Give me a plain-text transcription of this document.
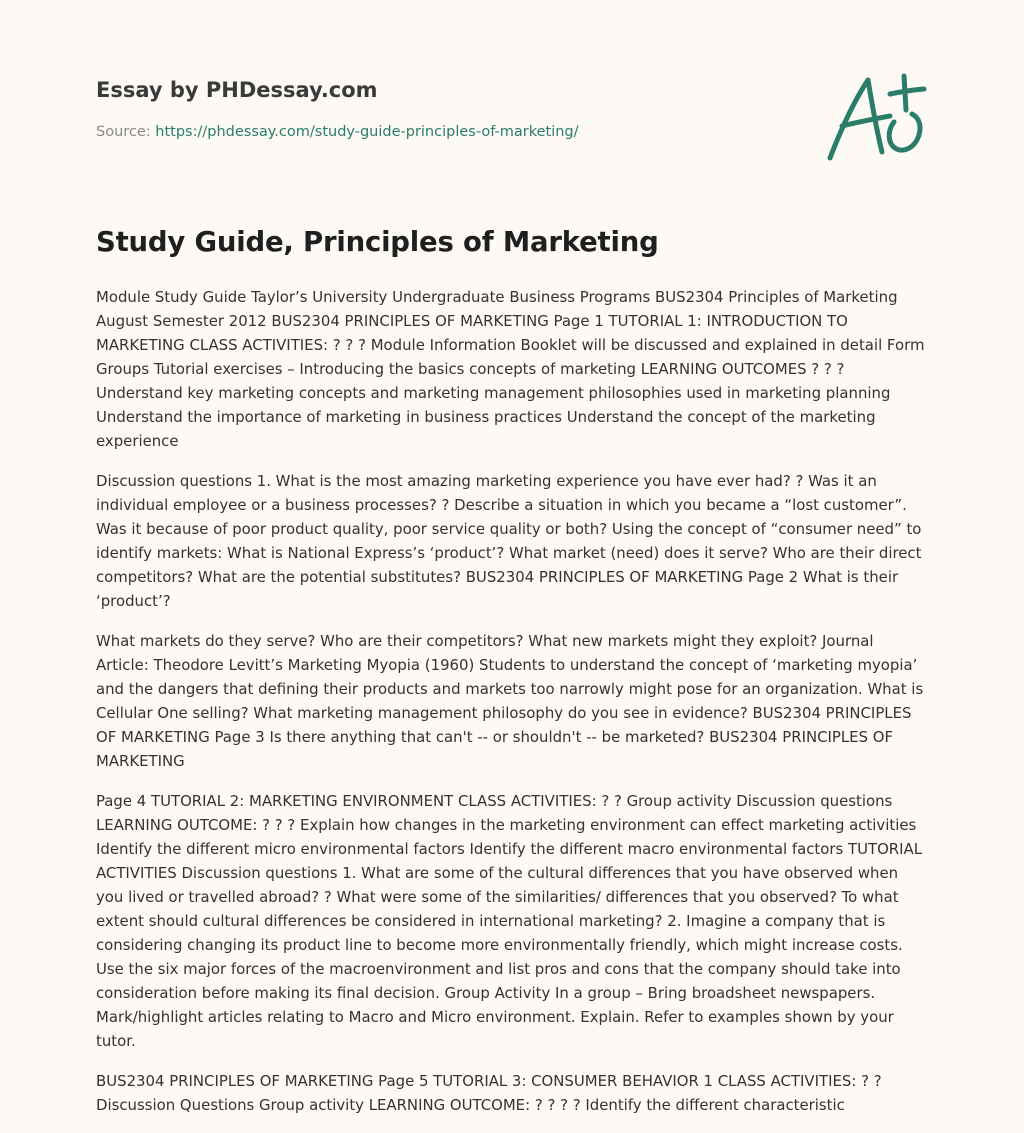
Essay by PHDessay.com

Source: https://phdessay.com/study-guide-principles-of-marketing/

Study Guide, Principles of Marketing

Module Study Guide Taylor’s University Undergraduate Business Programs BUS2304 Principles of Marketing August Semester 2012 BUS2304 PRINCIPLES OF MARKETING Page 1 TUTORIAL 1: INTRODUCTION TO MARKETING CLASS ACTIVITIES: ? ? ? Module Information Booklet will be discussed and explained in detail Form Groups Tutorial exercises – Introducing the basics concepts of marketing LEARNING OUTCOMES ? ? ? Understand key marketing concepts and marketing management philosophies used in marketing planning Understand the importance of marketing in business practices Understand the concept of the marketing experience

Discussion questions 1. What is the most amazing marketing experience you have ever had? ? Was it an individual employee or a business processes? ? Describe a situation in which you became a “lost customer”. Was it because of poor product quality, poor service quality or both? Using the concept of “consumer need” to identify markets: What is National Express’s ‘product’? What market (need) does it serve? Who are their direct competitors? What are the potential substitutes? BUS2304 PRINCIPLES OF MARKETING Page 2 What is their ‘product’?

What markets do they serve? Who are their competitors? What new markets might they exploit? Journal Article: Theodore Levitt’s Marketing Myopia (1960) Students to understand the concept of ‘marketing myopia’ and the dangers that defining their products and markets too narrowly might pose for an organization. What is Cellular One selling? What marketing management philosophy do you see in evidence? BUS2304 PRINCIPLES OF MARKETING Page 3 Is there anything that can't -- or shouldn't -- be marketed? BUS2304 PRINCIPLES OF MARKETING

Page 4 TUTORIAL 2: MARKETING ENVIRONMENT CLASS ACTIVITIES: ? ? Group activity Discussion questions LEARNING OUTCOME: ? ? ? Explain how changes in the marketing environment can effect marketing activities Identify the different micro environmental factors Identify the different macro environmental factors TUTORIAL ACTIVITIES Discussion questions 1. What are some of the cultural differences that you have observed when you lived or travelled abroad? ? What were some of the similarities/ differences that you observed? To what extent should cultural differences be considered in international marketing? 2. Imagine a company that is considering changing its product line to become more environmentally friendly, which might increase costs. Use the six major forces of the macroenvironment and list pros and cons that the company should take into consideration before making its final decision. Group Activity In a group – Bring broadsheet newspapers. Mark/highlight articles relating to Macro and Micro environment. Explain. Refer to examples shown by your tutor.

BUS2304 PRINCIPLES OF MARKETING Page 5 TUTORIAL 3: CONSUMER BEHAVIOR 1 CLASS ACTIVITIES: ? ? Discussion Questions Group activity LEARNING OUTCOME: ? ? ? ? Identify the different characteristic
